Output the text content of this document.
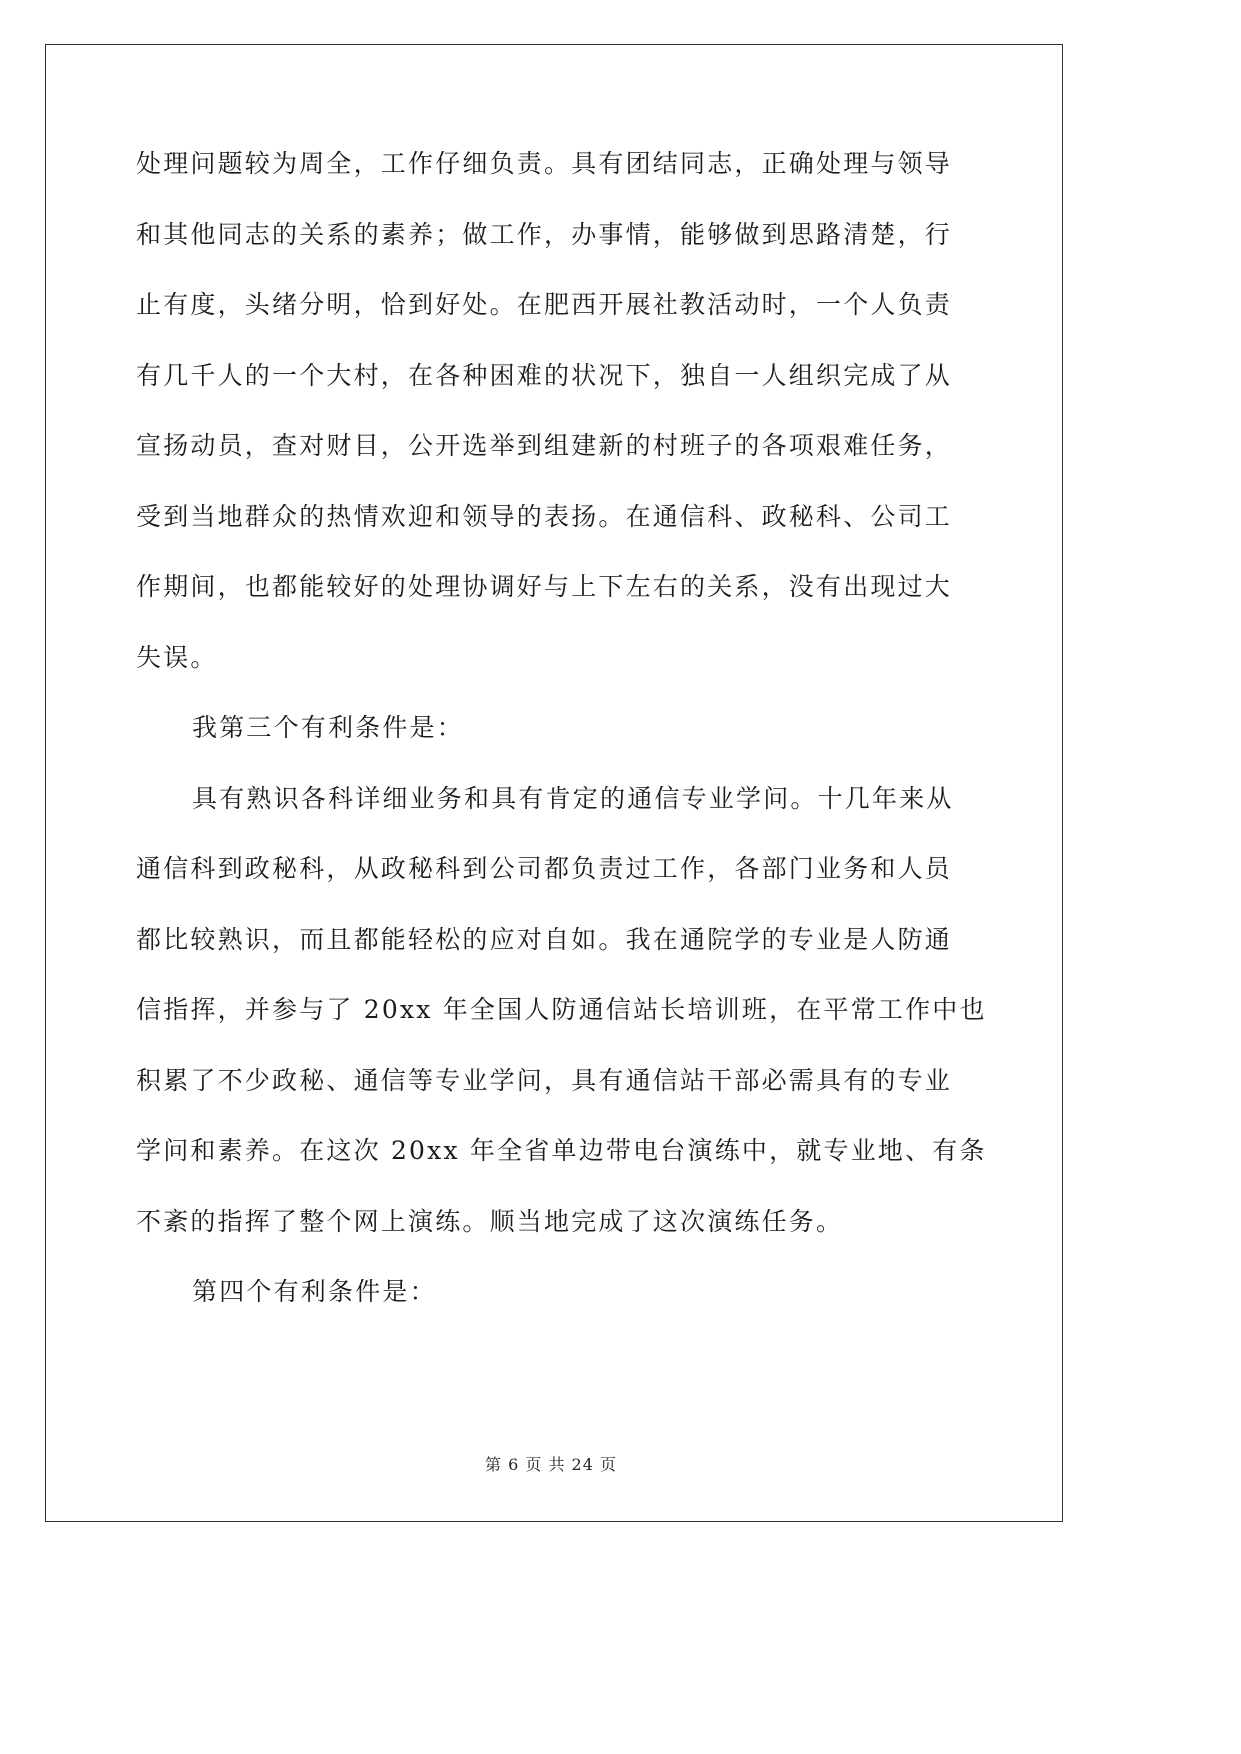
处理问题较为周全，工作仔细负责。具有团结同志，正确处理与领导
和其他同志的关系的素养；做工作，办事情，能够做到思路清楚，行
止有度，头绪分明，恰到好处。在肥西开展社教活动时，一个人负责
有几千人的一个大村，在各种困难的状况下，独自一人组织完成了从
宣扬动员，查对财目，公开选举到组建新的村班子的各项艰难任务，
受到当地群众的热情欢迎和领导的表扬。在通信科、政秘科、公司工
作期间，也都能较好的处理协调好与上下左右的关系，没有出现过大
失误。
我第三个有利条件是：
具有熟识各科详细业务和具有肯定的通信专业学问。十几年来从
通信科到政秘科，从政秘科到公司都负责过工作，各部门业务和人员
都比较熟识，而且都能轻松的应对自如。我在通院学的专业是人防通
信指挥，并参与了 20xx 年全国人防通信站长培训班，在平常工作中也
积累了不少政秘、通信等专业学问，具有通信站干部必需具有的专业
学问和素养。在这次 20xx 年全省单边带电台演练中，就专业地、有条
不紊的指挥了整个网上演练。顺当地完成了这次演练任务。
第四个有利条件是：
第 6 页 共 24 页
